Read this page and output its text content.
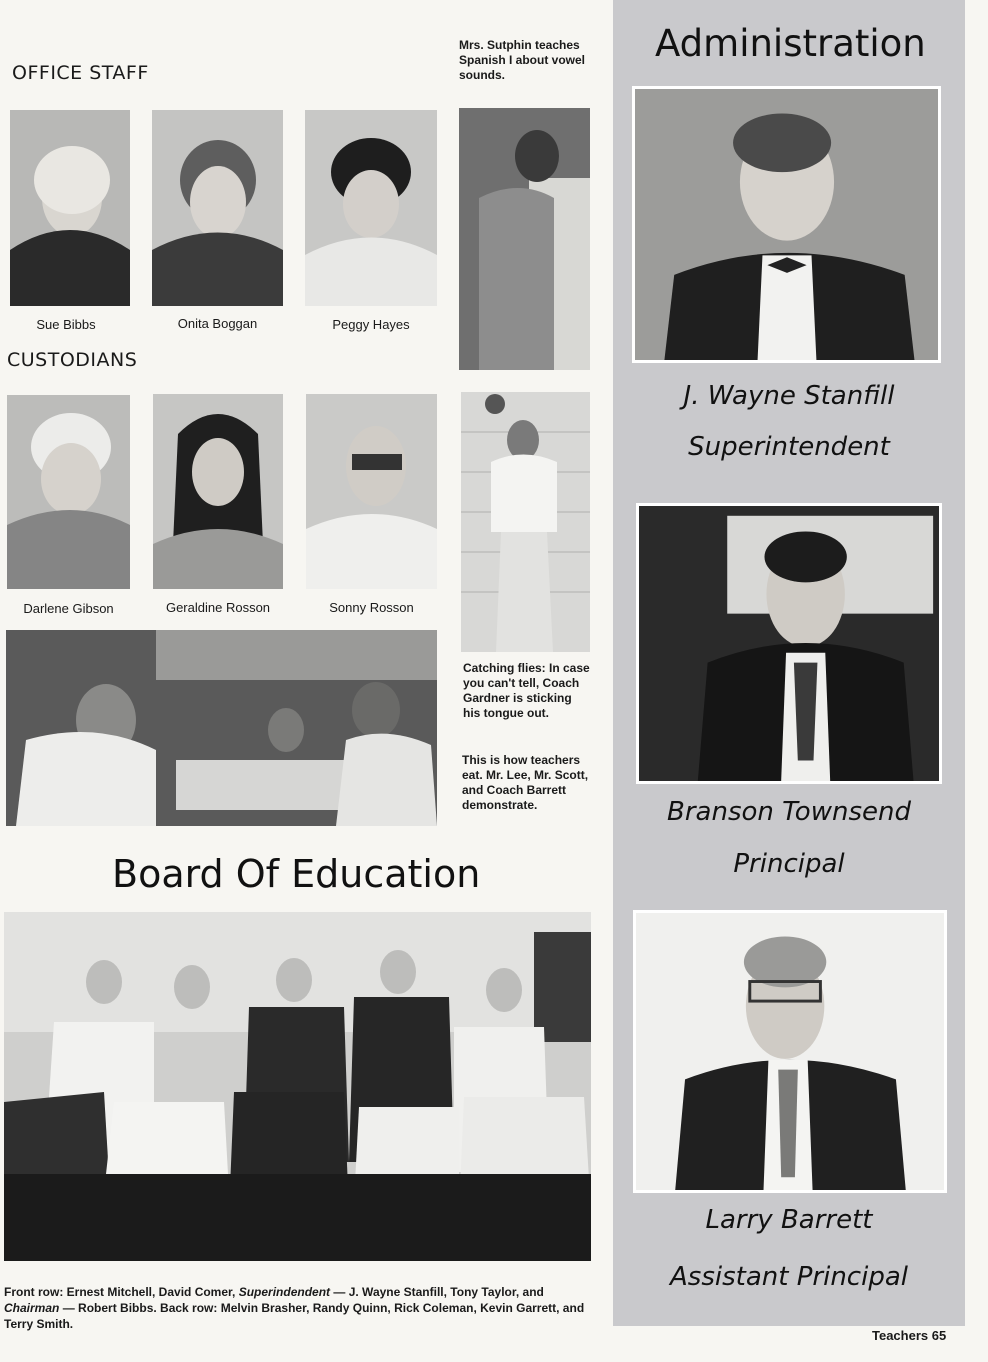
OFFICE STAFF
Sue Bibbs	Onita Boggan	Peggy Hayes
Mrs. Sutphin teaches Spanish I about vowel sounds.
CUSTODIANS
Darlene Gibson	Geraldine Rosson	Sonny Rosson
Catching flies: In case you can't tell, Coach Gardner is sticking his tongue out.
This is how teachers eat. Mr. Lee, Mr. Scott, and Coach Barrett demonstrate.
Board Of Education
Front row: Ernest Mitchell, David Comer, Superindendent — J. Wayne Stanfill, Tony Taylor, and Chairman — Robert Bibbs. Back row: Melvin Brasher, Randy Quinn, Rick Coleman, Kevin Garrett, and Terry Smith.
Administration
J. Wayne Stanfill
Superintendent
Branson Townsend
Principal
Larry Barrett
Assistant Principal
Teachers 65
